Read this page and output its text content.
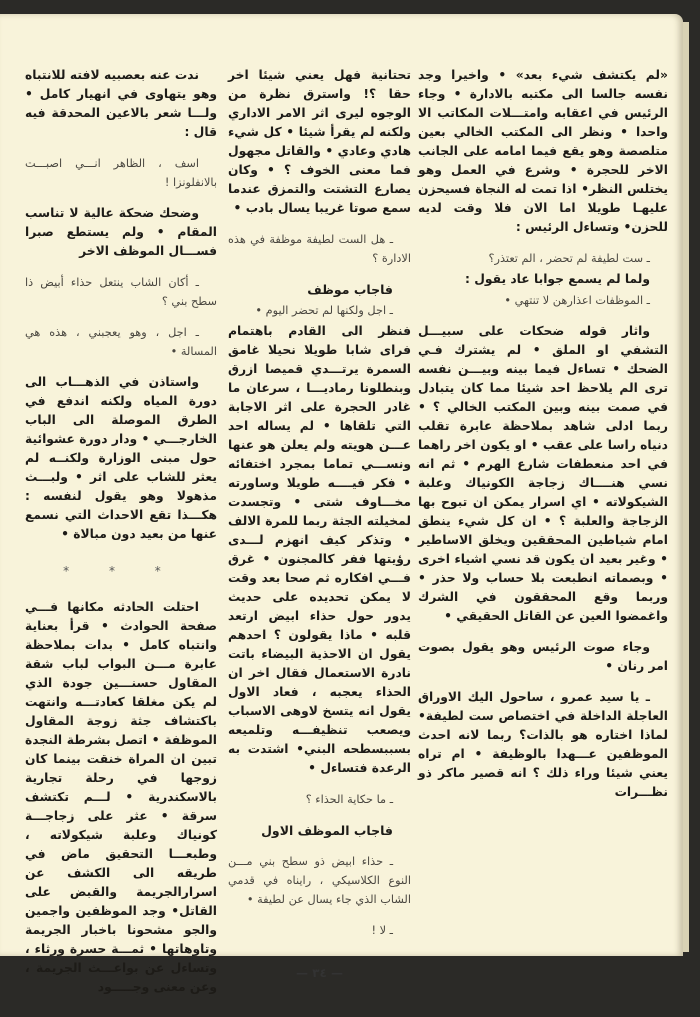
«لم يكتشف شيء بعد» • واخيرا وجد نفسه جالسا الى مكتبه بالادارة • وجاء الرئيس في اعقابه وامتـــلات المكاتب الا واحدا • ونظر الى المكتب الخالي بعين متلصصة وهو يقع فيما امامه على الجانب الاخر للحجرة • وشرع في العمل وهو يختلس النظر• اذا تمت له النجاة فسيحزن عليهـا طويلا اما الان فلا وقت لديه للحزن• وتساءل الرئيس :

ـ ست لطيفة لم تحضر ، الم تعتذر؟

ولما لم يسمع جوابا عاد يقول :

ـ الموظفات اعذارهن لا تنتهي •

واثار قوله ضحكات على سبيـــل التشفي او الملق • لم يشترك فـي الضحك • تساءل فيما بينه وبيـــن نفسه ترى الم يلاحظ احد شيئا مما كان يتبادل في صمت بينه وبين المكتب الخالي ؟ • ربما ادلى شاهد بملاحظة عابرة تقلب دنياه راسا على عقب • او يكون اخر راهما في احد منعطفات شارع الهرم • ثم انه نسي هنــــاك زجاجة الكونياك وعلبة الشيكولاته • اي اسرار يمكن ان تبوح بها الزجاجة والعلبة ؟ • ان كل شيء ينطق امام شياطين المحققين ويخلق الاساطير • وغير بعيد ان يكون قد نسي اشياء اخرى • وبصماته انطبعت بلا حساب ولا حذر • وربما وقع المحققون في الشرك واغمضوا العين عن القاتل الحقيقي •

وجاء صوت الرئيس وهو يقول بصوت امر رنان •

ـ يا سيد عمرو ، ساحول اليك الاوراق العاجلة الداخلة في اختصاص ست لطيفة• لماذا اختاره هو بالذات؟ ربما لانه احدث الموظفين عـــهدا بالوظيفة • ام تراه يعني شيئا وراء ذلك ؟ انه قصير ماكر ذو نظـــرات

تحتانية فهل يعني شيئا اخر حقا ؟! واسترق نظرة من الوجوه ليرى اثر الامر الاداري ولكنه لم يقرأ شيئا • كل شيء هادي وعادي • والقاتل مجهول فما معنى الخوف ؟ • وكان يصارع التشتت والتمزق عندما سمع صوتا غريبا يسال بادب •

ـ هل الست لطيفة موظفة في هذه الادارة ؟

فاجاب موظف

ـ اجل ولكنها لم تحضر اليوم •

فنظر الى القادم باهتمام فراى شابا طويلا نحيلا غامق السمرة يرتـــدي قميصا ازرق وبنطلونا رماديـــا ، سرعان ما غادر الحجرة على اثر الاجابة التي تلقاها • لم يساله احد عـــن هويته ولم يعلن هو عنها ونســـي تماما بمجرد اختفائه • فكر فيــــه طويلا وساورته مخـــاوف شتى • وتجسدت لمخيلته الجثة ربما للمرة الالف • وتذكر كيف انهزم لـــدى رؤيتها ففر كالمجنون • غرق فـــي افكاره ثم صحا بعد وقت لا يمكن تحديده على حديث يدور حول حذاء ابيض ارتعد قلبه • ماذا يقولون ؟ احدهم يقول ان الاحذية البيضاء باتت نادرة الاستعمال فقال اخر ان الحذاء يعجبه ، فعاد الاول يقول انه يتسخ لاوهى الاسباب ويصعب تنظيفـــه وتلميعه بسببسطحه البني• اشتدت به الرعدة فتساءل •

ـ ما حكاية الحذاء ؟

فاجاب الموظف الاول

ـ حذاء ابيض ذو سطح بني مـــن النوع الكلاسيكي ، رايناه في قدمي الشاب الذي جاء يسال عن لطيفة •

ـ لا !

— ٣٤ —

ندت عنه بعصبيه لافته للانتباه وهو يتهاوى في انهيار كامل • ولـــا شعر بالاعين المحدقة فيه قال :

اسف ، الظاهر انـــي اصبـــت بالانفلونزا !

وضحك ضحكة عالية لا تناسب المقام • ولم يستطع صبرا فســـال الموظف الاخر

ـ أكان الشاب ينتعل حذاء أبيض ذا سطح بني ؟

ـ اجل ، وهو يعجبني ، هذه هي المسالة •

واستاذن في الذهـــاب الى دورة المياه ولكنه اندفع في الطرق الموصلة الى الباب الخارجـــي • ودار دورة عشوائية حول مبنى الوزارة ولكنــه لم يعثر للشاب على اثر • ولبـــث مذهولا وهو يقول لنفسه : هكـــذا تقع الاحداث التي نسمع عنها من بعيد دون مبالاة •

* * *

احتلت الحادثه مكانها فـــي صفحة الحوادث • قرأ بعناية وانتباه كامل • بدات بملاحظة عابرة مـــن البواب لباب شقة المقاول حسنـــين جودة الذي لم يكن مغلقا كعادتـــه وانتهت باكتشاف جثة زوجة المقاول الموظفة • اتصل بشرطة النجدة تبين ان المراة خنقت بينما كان زوجها في رحلة تجارية بالاسكندرية • لـــم تكتشف سرقة • عثر على زجاجـــة كونياك وعلبة شيكولاته ، وطبعـــا التحقيق ماض في طريقه الى الكشف عن اسرارالجريمة والقبض على القاتل• وجد الموظفين واجمين والجو مشحونا باخبار الجريمة وتاوهاتها • ثمـــة حسرة ورثاء ، وتساءل عن بواعـــث الجريمة ، وعن معنى وجـــــود
